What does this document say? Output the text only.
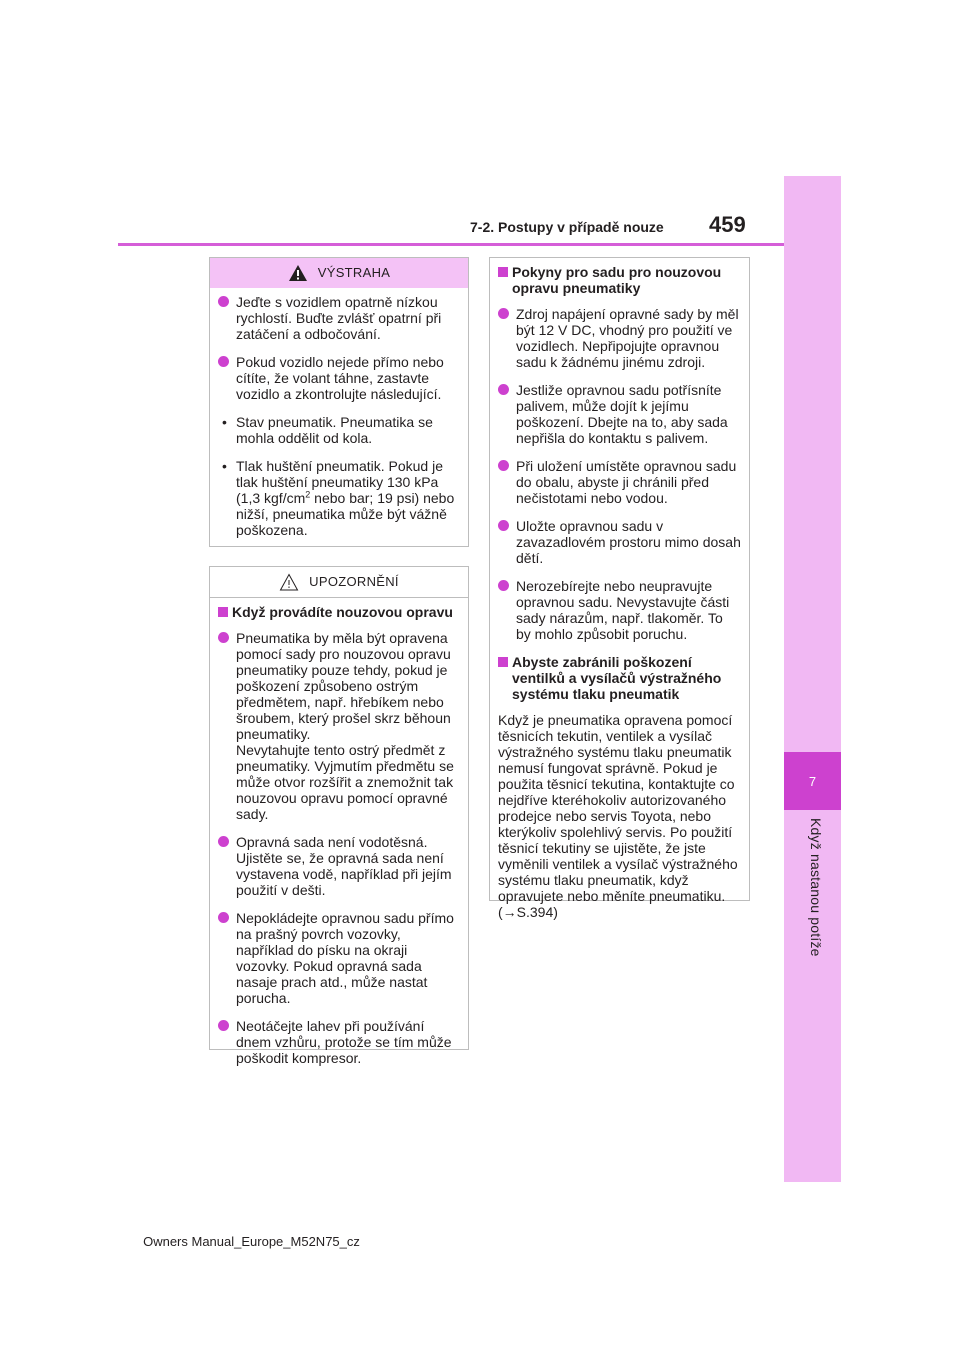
7
Když nastanou potíže
7-2. Postupy v případě nouze 459
VÝSTRAHA
Jeďte s vozidlem opatrně nízkou rychlostí. Buďte zvlášť opatrní při zatáčení a odbočování.
Pokud vozidlo nejede přímo nebo cítíte, že volant táhne, zastavte vozidlo a zkontrolujte následující.
• Stav pneumatik. Pneumatika se mohla oddělit od kola.
• Tlak huštění pneumatik. Pokud je tlak huštění pneumatiky 130 kPa (1,3 kgf/$cm^2$ nebo bar; 19 psi) nebo nižší, pneumatika může být vážně poškozena.
UPOZORNĚNÍ
Když provádíte nouzovou opravu
Pneumatika by měla být opravena pomocí sady pro nouzovou opravu pneumatiky pouze tehdy, pokud je poškození způsobeno ostrým předmětem, např. hřebíkem nebo šroubem, který prošel skrz běhoun pneumatiky.
Nevytahujte tento ostrý předmět z pneumatiky. Vyjmutím předmětu se může otvor rozšířit a znemožnit tak nouzovou opravu pomocí opravné sady.
Opravná sada není vodotěsná. Ujistěte se, že opravná sada není vystavena vodě, například při jejím použití v dešti.
Nepokládejte opravnou sadu přímo na prašný povrch vozovky, například do písku na okraji vozovky. Pokud opravná sada nasaje prach atd., může nastat porucha.
Neotáčejte lahev při používání dnem vzhůru, protože se tím může poškodit kompresor.
Pokyny pro sadu pro nouzovou opravu pneumatiky
Zdroj napájení opravné sady by měl být 12 V DC, vhodný pro použití ve vozidlech. Nepřipojujte opravnou sadu k žádnému jinému zdroji.
Jestliže opravnou sadu potřísníte palivem, může dojít k jejímu poškození. Dbejte na to, aby sada nepřišla do kontaktu s palivem.
Při uložení umístěte opravnou sadu do obalu, abyste ji chránili před nečistotami nebo vodou.
Uložte opravnou sadu v zavazadlovém prostoru mimo dosah dětí.
Nerozebírejte nebo neupravujte opravnou sadu. Nevystavujte části sady nárazům, např. tlakoměr. To by mohlo způsobit poruchu.
Abyste zabránili poškození ventilků a vysílačů výstražného systému tlaku pneumatik
Když je pneumatika opravena pomocí těsnicích tekutin, ventilek a vysílač výstražného systému tlaku pneumatik nemusí fungovat správně. Pokud je použita těsnicí tekutina, kontaktujte co nejdříve kteréhokoliv autorizovaného prodejce nebo servis Toyota, nebo kterýkoliv spolehlivý servis. Po použití těsnicí tekutiny se ujistěte, že jste vyměnili ventilek a vysílač výstražného systému tlaku pneumatik, když opravujete nebo měníte pneumatiku. (→S.394)
Owners Manual_Europe_M52N75_cz
